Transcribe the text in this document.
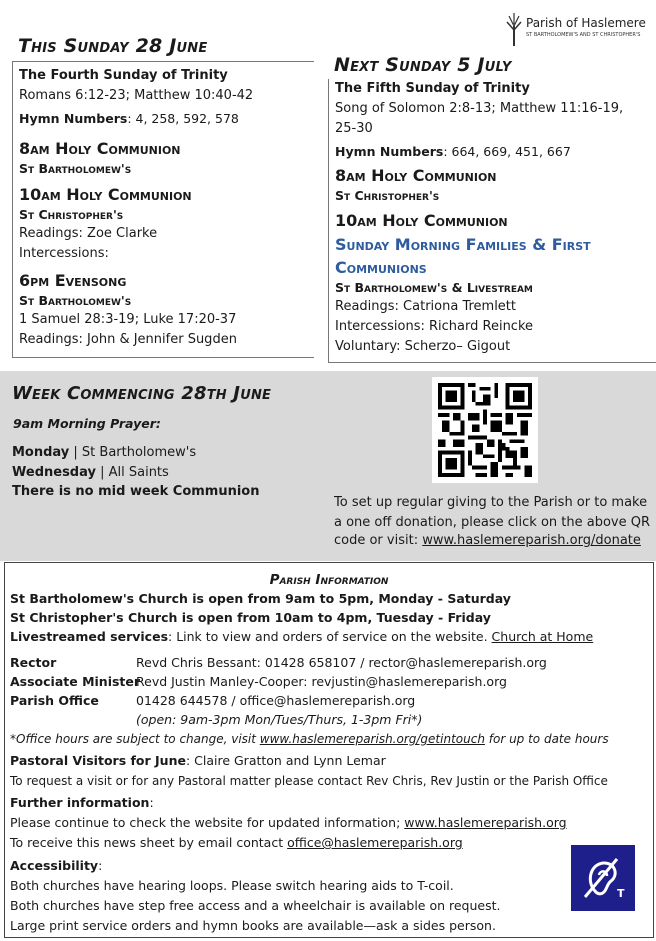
Parish of Haslemere
ST BARTHOLOMEW'S AND ST CHRISTOPHER'S
This Sunday 28 June
The Fourth Sunday of Trinity
Romans 6:12-23; Matthew 10:40-42
Hymn Numbers: 4, 258, 592, 578
8am Holy Communion
St Bartholomew's
10am Holy Communion
St Christopher's
Readings: Zoe Clarke
Intercessions:
6pm Evensong
St Bartholomew's
1 Samuel 28:3-19; Luke 17:20-37
Readings: John & Jennifer Sugden
Next Sunday 5 July
The Fifth Sunday of Trinity
Song of Solomon 2:8-13; Matthew 11:16-19,
25-30
Hymn Numbers: 664, 669, 451, 667
8am Holy Communion
St Christopher's
10am Holy Communion
Sunday Morning Families & First
Communions
St Bartholomew's & Livestream
Readings: Catriona Tremlett
Intercessions: Richard Reincke
Voluntary: Scherzo– Gigout
Week Commencing 28th June
9am Morning Prayer:
Monday | St Bartholomew's
Wednesday | All Saints
There is no mid week Communion
To set up regular giving to the Parish or to make
a one off donation, please click on the above QR
code or visit: www.haslemereparish.org/donate
Parish Information
St Bartholomew's Church is open from 9am to 5pm, Monday - Saturday
St Christopher's Church is open from 10am to 4pm, Tuesday - Friday
Livestreamed services: Link to view and orders of service on the website. Church at Home
Rector	Revd Chris Bessant: 01428 658107 / rector@haslemereparish.org
Associate Minister
Revd Justin Manley-Cooper: revjustin@haslemereparish.org
Parish Office	01428 644578 / office@haslemereparish.org
(open: 9am-3pm Mon/Tues/Thurs, 1-3pm Fri*)
*Office hours are subject to change, visit www.haslemereparish.org/getintouch for up to date hours
Pastoral Visitors for June: Claire Gratton and Lynn Lemar
To request a visit or for any Pastoral matter please contact Rev Chris, Rev Justin or the Parish Office
Further information:
Please continue to check the website for updated information; www.haslemereparish.org
To receive this news sheet by email contact office@haslemereparish.org
Accessibility:
Both churches have hearing loops. Please switch hearing aids to T-coil.
Both churches have step free access and a wheelchair is available on request.
Large print service orders and hymn books are available—ask a sides person.
T
